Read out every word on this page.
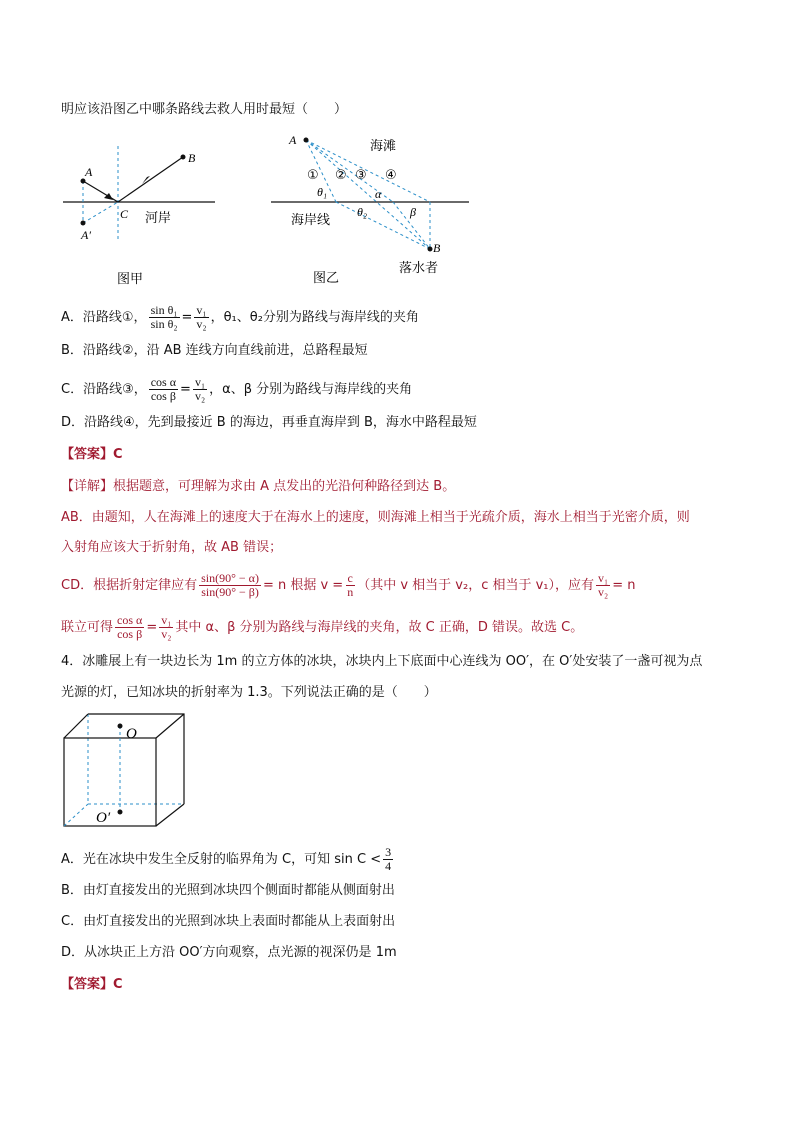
明应该沿图乙中哪条路线去救人用时最短（　　）
A
B
C
A′
河岸
图甲
A
B
海滩
① ② ③ ④
θ₁
θ₂
α
β
海岸线
落水者
图乙
A．沿路线①， $\frac{\text{sin θ₁}}{\text{sin θ₂}} = \frac{\text{v₁}}{\text{v₂}}$ ，θ₁、θ₂分别为路线与海岸线的夹角
B．沿路线②，沿 AB 连线方向直线前进，总路程最短
C．沿路线③， $\frac{\text{cos α}}{\text{cos β}} = \frac{\text{v₁}}{\text{v₂}}$ ，α、β 分别为路线与海岸线的夹角
D．沿路线④，先到最接近 B 的海边，再垂直海岸到 B，海水中路程最短
【答案】C
【详解】根据题意，可理解为求由 A 点发出的光沿何种路径到达 B。
AB．由题知，人在海滩上的速度大于在海水上的速度，则海滩上相当于光疏介质，海水上相当于光密介质，则
入射角应该大于折射角，故 AB 错误；
CD．根据折射定律应有 $\frac{\sin(90^\circ - \alpha)}{\sin(90^\circ - \beta)} = n$ 根据 $v = \frac{c}{n}$ （其中 v 相当于 v₂，c 相当于 v₁），应有 $\frac{\text{v₁}}{\text{v₂}} = n$
联立可得 $\frac{\text{cos α}}{\text{cos β}} = \frac{\text{v₁}}{\text{v₂}}$ 其中 α、β 分别为路线与海岸线的夹角，故 C 正确，D 错误。故选 C。
4．冰雕展上有一块边长为 1m 的立方体的冰块，冰块内上下底面中心连线为 OO′，在 O′处安装了一盏可视为点
光源的灯，已知冰块的折射率为 1.3。下列说法正确的是（　　）
O
O′
A．光在冰块中发生全反射的临界角为 C，可知 $\sin C < \frac{3}{4}$
B．由灯直接发出的光照到冰块四个侧面时都能从侧面射出
C．由灯直接发出的光照到冰块上表面时都能从上表面射出
D．从冰块正上方沿 OO′方向观察，点光源的视深仍是 1m
【答案】C
